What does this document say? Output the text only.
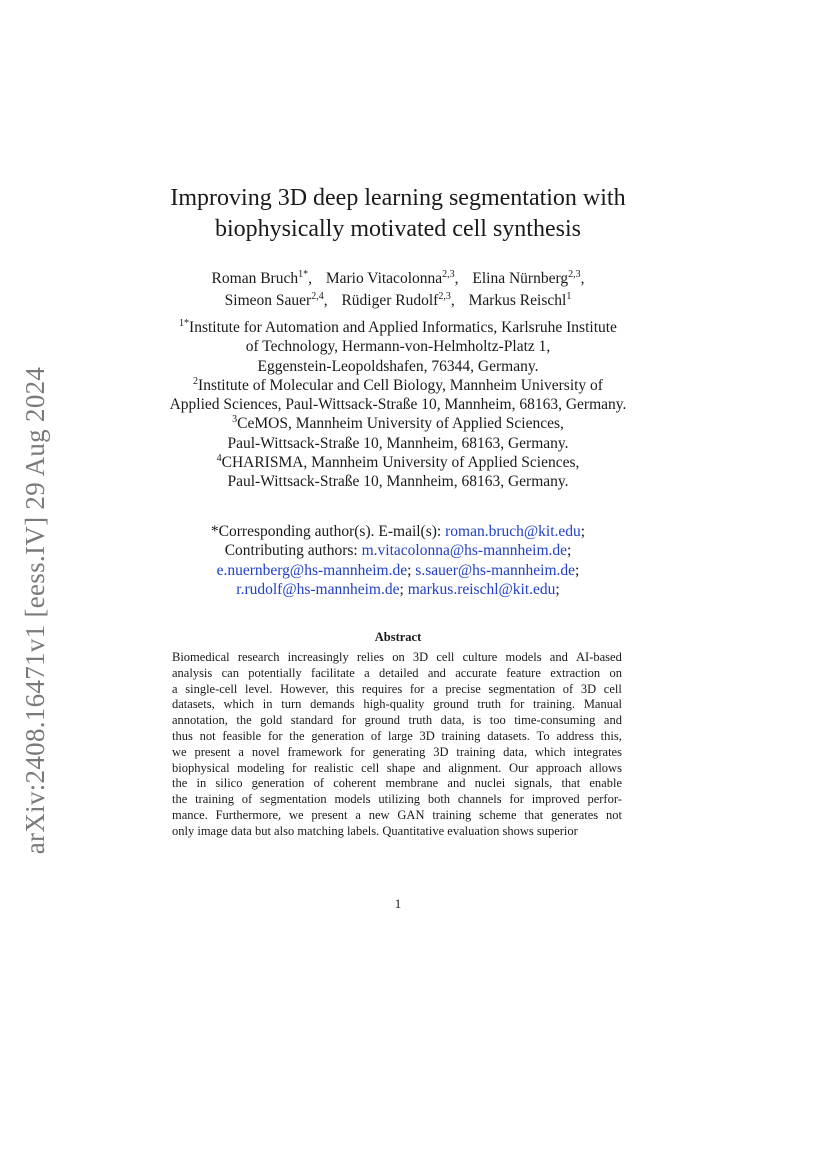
arXiv:2408.16471v1 [eess.IV] 29 Aug 2024
Improving 3D deep learning segmentation with
biophysically motivated cell synthesis
Roman Bruch$^{1*}$, Mario Vitacolonna$^{2,3}$, Elina Nürnberg$^{2,3}$,
Simeon Sauer$^{2,4}$, Rüdiger Rudolf$^{2,3}$, Markus Reischl$^1$
$^{1*}$Institute for Automation and Applied Informatics, Karlsruhe Institute
of Technology, Hermann-von-Helmholtz-Platz 1,
Eggenstein-Leopoldshafen, 76344, Germany.
$^2$Institute of Molecular and Cell Biology, Mannheim University of
Applied Sciences, Paul-Wittsack-Straße 10, Mannheim, 68163, Germany.
$^3$CeMOS, Mannheim University of Applied Sciences,
Paul-Wittsack-Straße 10, Mannheim, 68163, Germany.
$^4$CHARISMA, Mannheim University of Applied Sciences,
Paul-Wittsack-Straße 10, Mannheim, 68163, Germany.
*Corresponding author(s). E-mail(s): roman.bruch@kit.edu;
Contributing authors: m.vitacolonna@hs-mannheim.de;
e.nuernberg@hs-mannheim.de; s.sauer@hs-mannheim.de;
r.rudolf@hs-mannheim.de; markus.reischl@kit.edu;
Abstract
Biomedical research increasingly relies on 3D cell culture models and AI-based
analysis can potentially facilitate a detailed and accurate feature extraction on
a single-cell level. However, this requires for a precise segmentation of 3D cell
datasets, which in turn demands high-quality ground truth for training. Manual
annotation, the gold standard for ground truth data, is too time-consuming and
thus not feasible for the generation of large 3D training datasets. To address this,
we present a novel framework for generating 3D training data, which integrates
biophysical modeling for realistic cell shape and alignment. Our approach allows
the in silico generation of coherent membrane and nuclei signals, that enable
the training of segmentation models utilizing both channels for improved perfor-
mance. Furthermore, we present a new GAN training scheme that generates not
only image data but also matching labels. Quantitative evaluation shows superior
1
